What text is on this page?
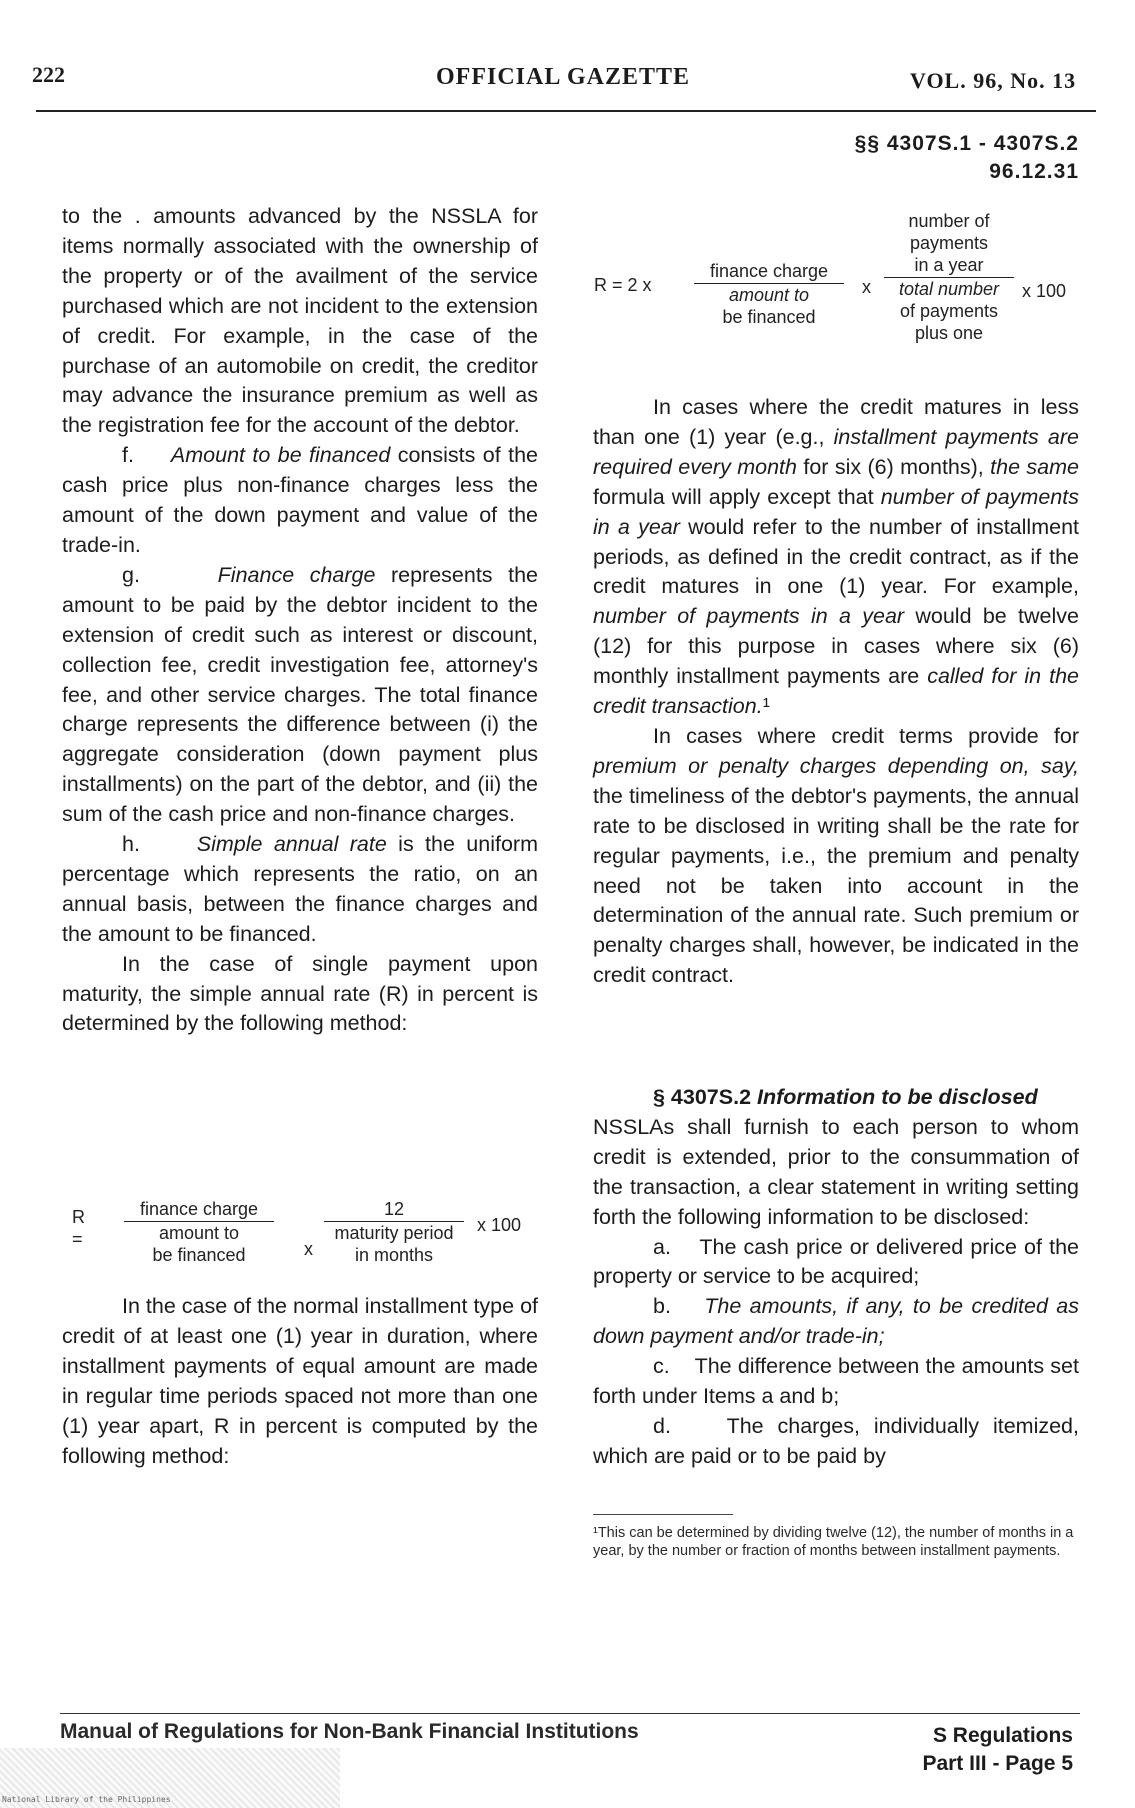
222	OFFICIAL GAZETTE	VOL. 96, No. 13
§§ 4307S.1 - 4307S.2
96.12.31

to the . amounts advanced by the NSSLA for items normally associated with the ownership of the property or of the availment of the service purchased which are not incident to the extension of credit. For example, in the case of the purchase of an automobile on credit, the creditor may advance the insurance premium as well as the registration fee for the account of the debtor.

f. Amount to be financed consists of the cash price plus non-finance charges less the amount of the down payment and value of the trade-in.

g.	Finance charge represents the amount to be paid by the debtor incident to the extension of credit such as interest or discount, collection fee, credit investigation fee, attorney's fee, and other service charges. The total finance charge represents the difference between (i) the aggregate consideration (down payment plus installments) on the part of the debtor, and (ii) the sum of the cash price and non-finance charges.

h.	Simple annual rate is the uniform percentage which represents the ratio, on an annual basis, between the finance charges and the amount to be financed.

In the case of single payment upon maturity, the simple annual rate (R) in percent is determined by the following method:

R =
finance charge
amount to
be financed	x
12
maturity period
in months
x 100

In the case of the normal installment type of credit of at least one (1) year in duration, where installment payments of equal amount are made in regular time periods spaced not more than one (1) year apart, R in percent is computed by the following method:

R = 2 x
finance charge
amount to
be financed
x
number of
payments
in a year
total number
of payments
plus one
x 100

In cases where the credit matures in less than one (1) year (e.g., installment payments are required every month for six (6) months), the same formula will apply except that number of payments in a year would refer to the number of installment periods, as defined in the credit contract, as if the credit matures in one (1) year. For example, number of payments in a year would be twelve (12) for this purpose in cases where six (6) monthly installment payments are called for in the credit transaction.¹

In cases where credit terms provide for premium or penalty charges depending on, say, the timeliness of the debtor's payments, the annual rate to be disclosed in writing shall be the rate for regular payments, i.e., the premium and penalty need not be taken into account in the determination of the annual rate. Such premium or penalty charges shall, however, be indicated in the credit contract.

§ 4307S.2 Information to be disclosed

NSSLAs shall furnish to each person to whom credit is extended, prior to the consummation of the transaction, a clear statement in writing setting forth the following information to be disclosed:

a. The cash price or delivered price of the property or service to be acquired;

b. The amounts, if any, to be credited as down payment and/or trade-in;

c. The difference between the amounts set forth under Items a and b;

d.	The charges, individually itemized, which are paid or to be paid by

¹This can be determined by dividing twelve (12), the number of months in a year, by the number or fraction of months between installment payments.
Manual of Regulations for Non-Bank Financial Institutions	S Regulations
Part III - Page 5
National Library of the Philippines
